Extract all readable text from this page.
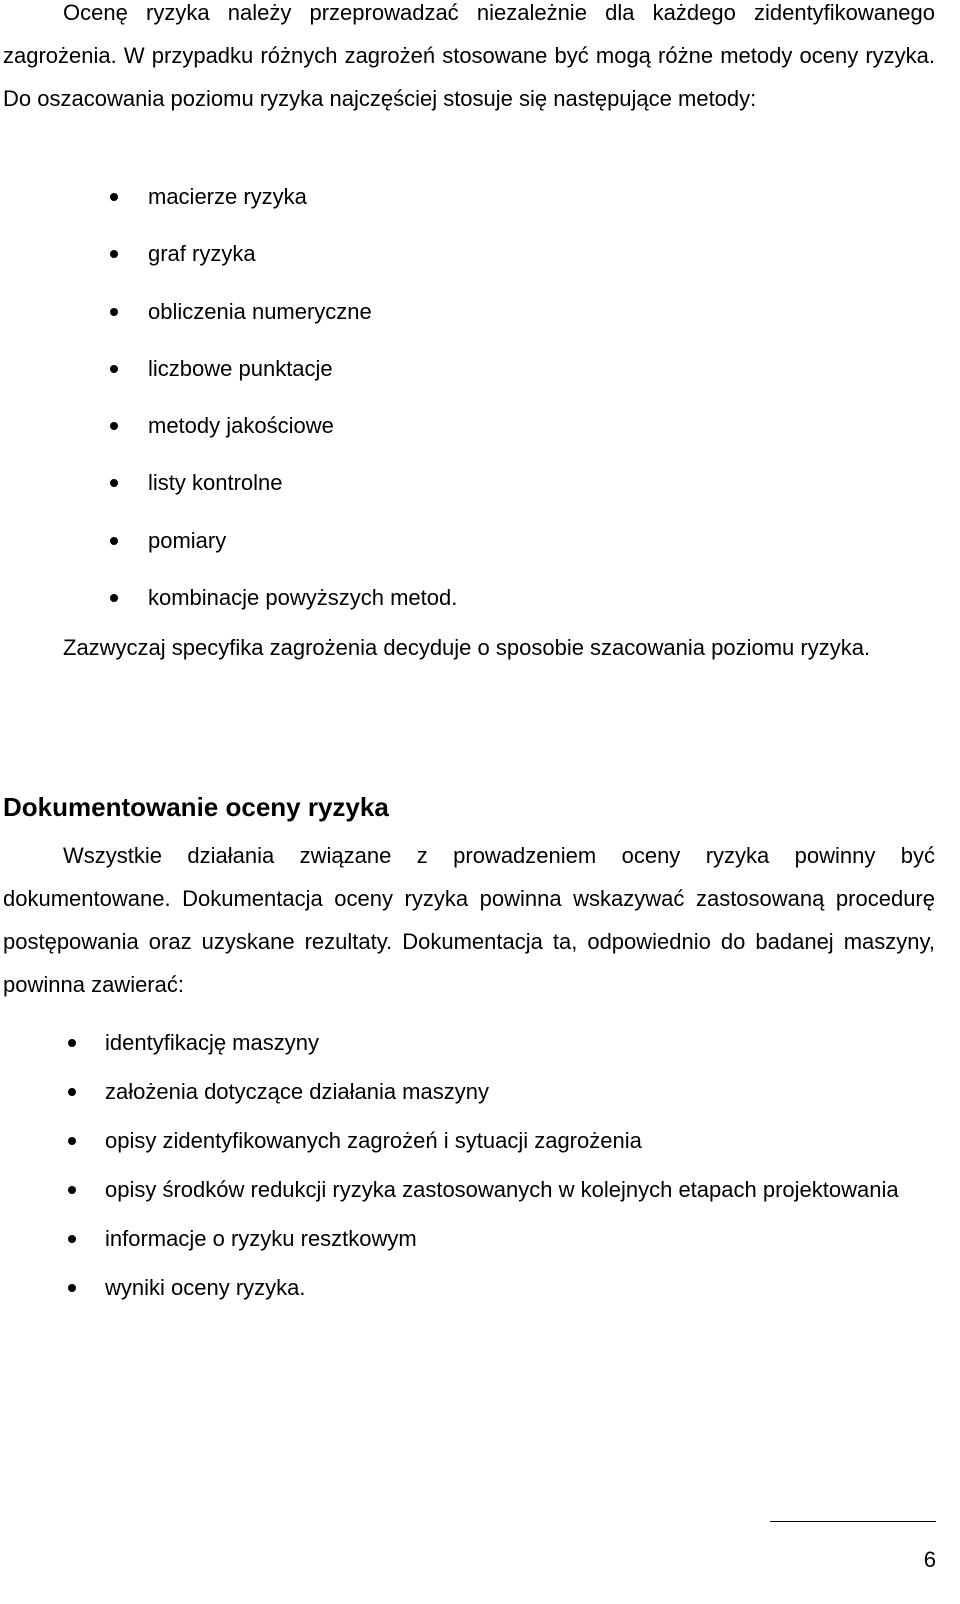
Ocenę ryzyka należy przeprowadzać niezależnie dla każdego zidentyfikowanego zagrożenia. W przypadku różnych zagrożeń stosowane być mogą różne metody oceny ryzyka. Do oszacowania poziomu ryzyka najczęściej stosuje się następujące metody:

macierze ryzyka
graf ryzyka
obliczenia numeryczne
liczbowe punktacje
metody jakościowe
listy kontrolne
pomiary
kombinacje powyższych metod.

Zazwyczaj specyfika zagrożenia decyduje o sposobie szacowania poziomu ryzyka.

Dokumentowanie oceny ryzyka

Wszystkie działania związane z prowadzeniem oceny ryzyka powinny być dokumentowane. Dokumentacja oceny ryzyka powinna wskazywać zastosowaną procedurę postępowania oraz uzyskane rezultaty. Dokumentacja ta, odpowiednio do badanej maszyny, powinna zawierać:

identyfikację maszyny
założenia dotyczące działania maszyny
opisy zidentyfikowanych zagrożeń i sytuacji zagrożenia
opisy środków redukcji ryzyka zastosowanych w kolejnych etapach projektowania
informacje o ryzyku resztkowym
wyniki oceny ryzyka.
6
